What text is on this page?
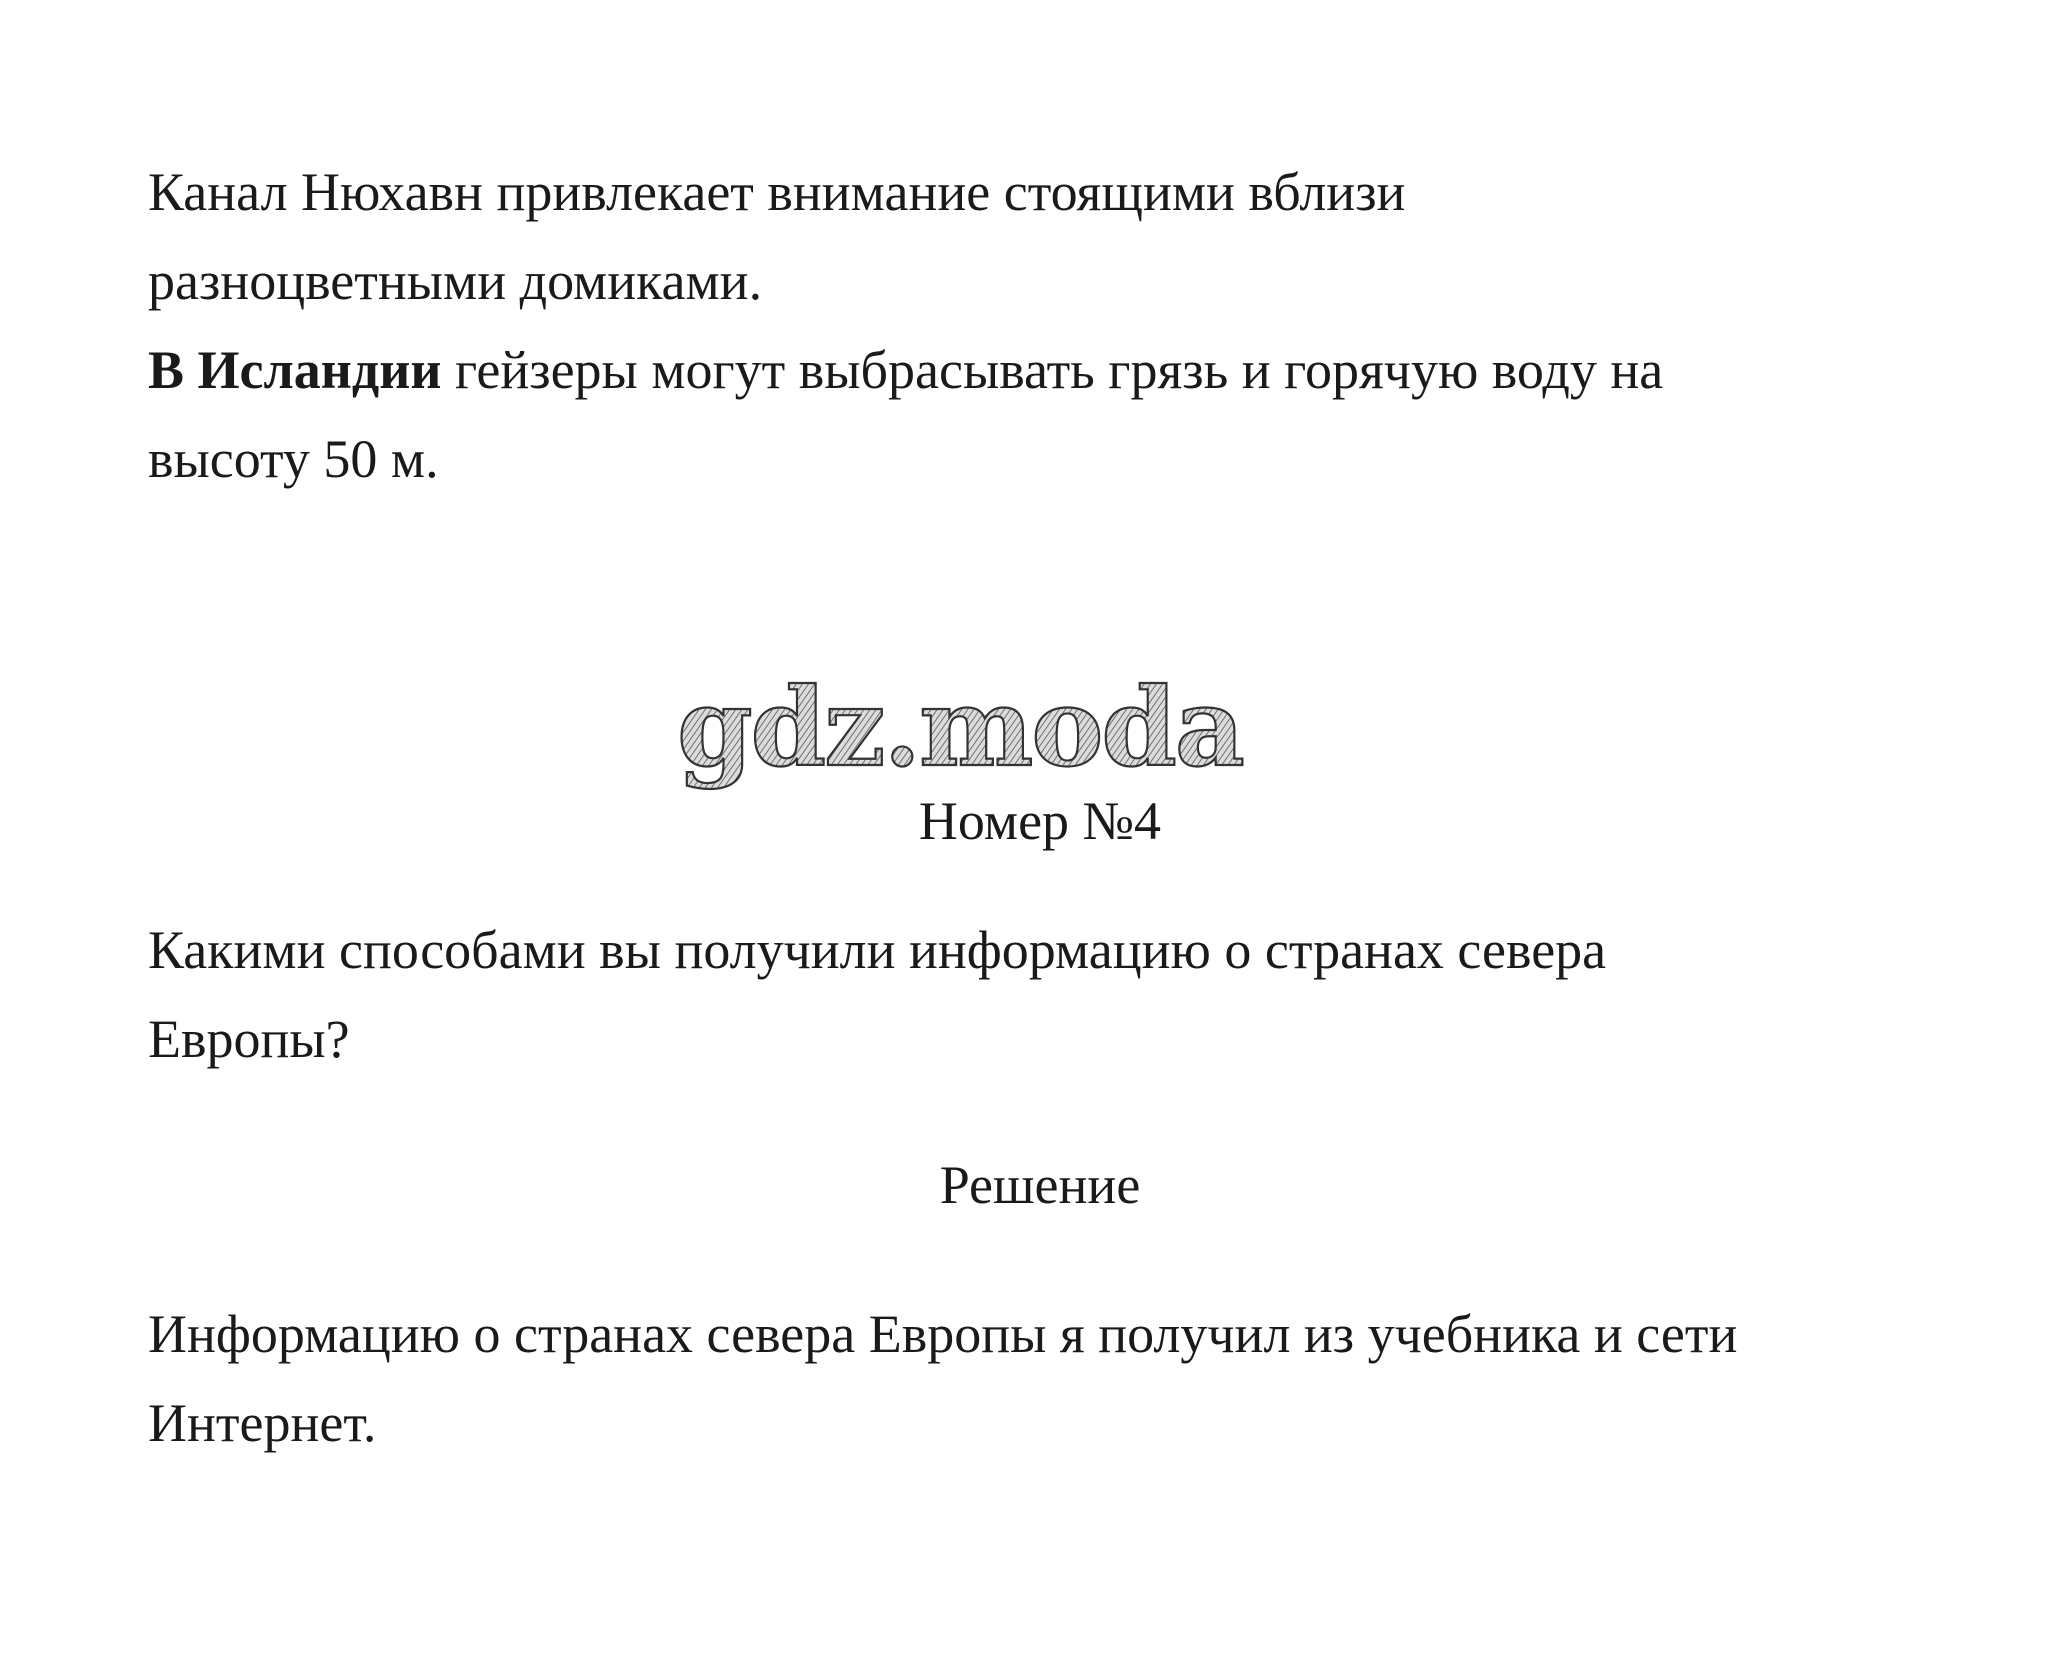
Канал Нюхавн привлекает внимание стоящими вблизи
разноцветными домиками.

В Исландии гейзеры могут выбрасывать грязь и горячую воду на
высоту 50 м.

gdz.moda
Номер №4

Какими способами вы получили информацию о странах севера
Европы?

Решение

Информацию о странах севера Европы я получил из учебника и сети
Интернет.
